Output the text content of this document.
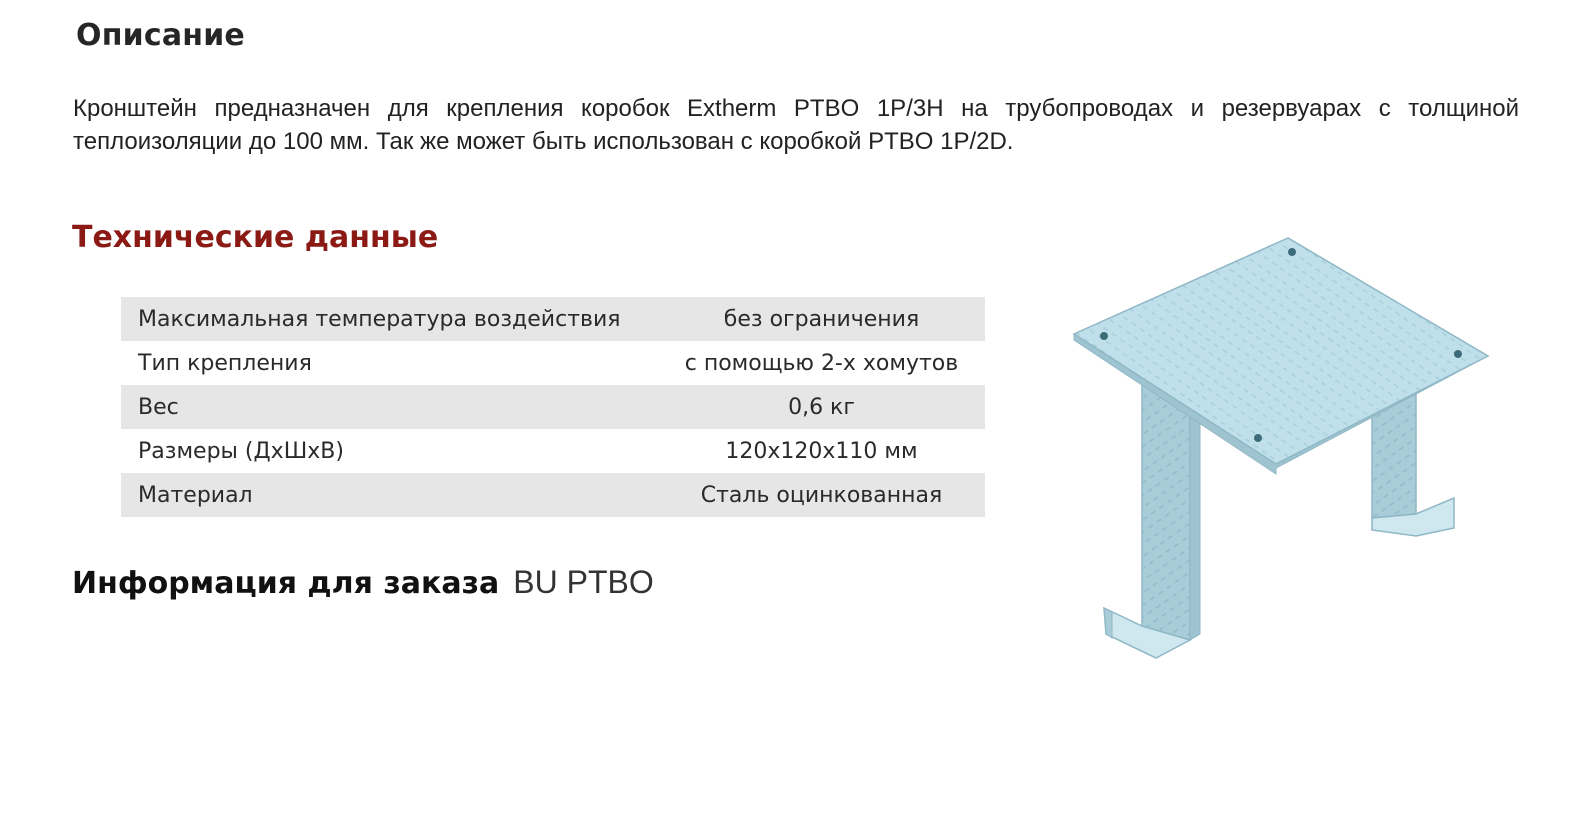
Описание

Кронштейн предназначен для крепления коробок Extherm PTBO 1P/3H на трубопроводах и резервуарах с толщиной теплоизоляции до 100 мм. Так же может быть использован с коробкой PTBO 1P/2D.

Технические данные
Максимальная температура воздействия	без ограничения
Тип крепления	с помощью 2-х хомутов
Вес	0,6 кг
Размеры (ДхШхВ)	120x120x110 мм
Материал	Сталь оцинкованная
Информация для заказа BU PTBO
